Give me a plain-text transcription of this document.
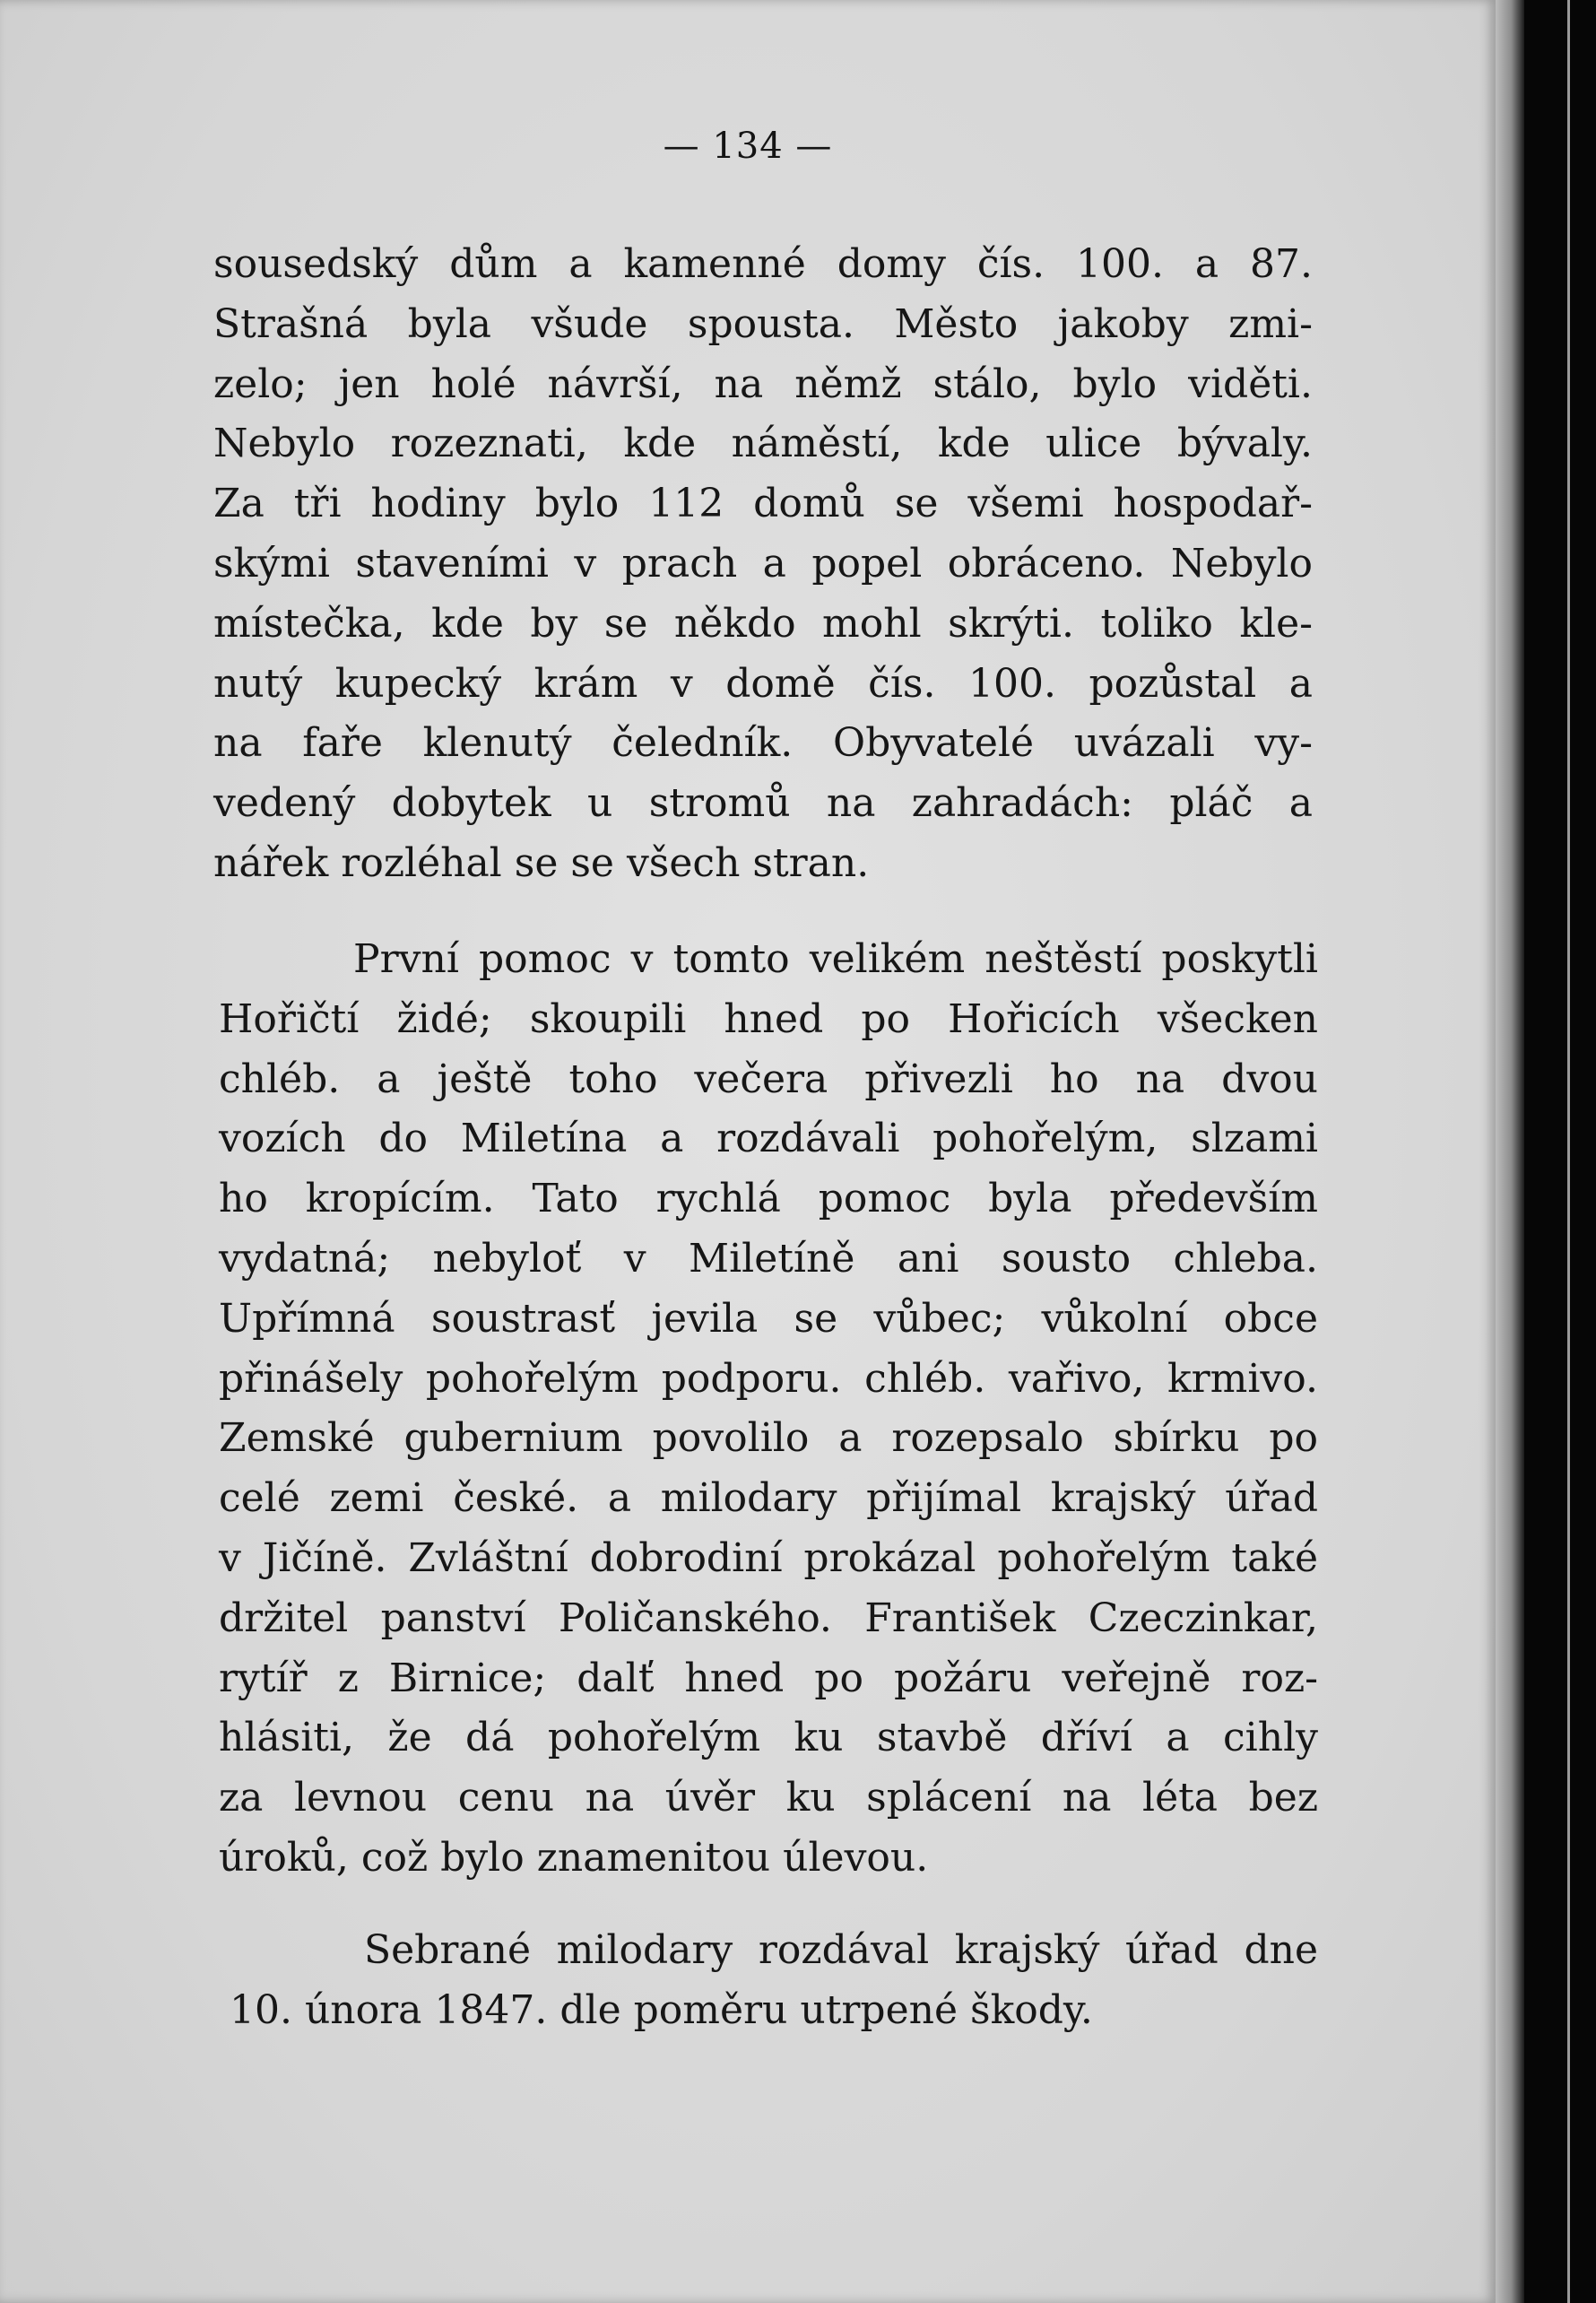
— 134 —
sousedský dům a kamenné domy čís. 100. a 87.
Strašná byla všude spousta. Město jakoby zmi-
zelo; jen holé návrší, na němž stálo, bylo viděti.
Nebylo rozeznati, kde náměstí, kde ulice bývaly.
Za tři hodiny bylo 112 domů se všemi hospodař-
skými staveními v prach a popel obráceno. Nebylo
místečka, kde by se někdo mohl skrýti. toliko kle-
nutý kupecký krám v domě čís. 100. pozůstal a
na faře klenutý čeledník. Obyvatelé uvázali vy-
vedený dobytek u stromů na zahradách: pláč a
nářek rozléhal se se všech stran.
První pomoc v tomto velikém neštěstí poskytli
Hořičtí židé; skoupili hned po Hořicích všecken
chléb. a ještě toho večera přivezli ho na dvou
vozích do Miletína a rozdávali pohořelým, slzami
ho kropícím. Tato rychlá pomoc byla především
vydatná; nebyloť v Miletíně ani sousto chleba.
Upřímná soustrasť jevila se vůbec; vůkolní obce
přinášely pohořelým podporu. chléb. vařivo, krmivo.
Zemské gubernium povolilo a rozepsalo sbírku po
celé zemi české. a milodary přijímal krajský úřad
v Jičíně. Zvláštní dobrodiní prokázal pohořelým také
držitel panství Poličanského. František Czeczinkar,
rytíř z Birnice; dalť hned po požáru veřejně roz-
hlásiti, že dá pohořelým ku stavbě dříví a cihly
za levnou cenu na úvěr ku splácení na léta bez
úroků, což bylo znamenitou úlevou.
Sebrané milodary rozdával krajský úřad dne
10. února 1847. dle poměru utrpené škody.
